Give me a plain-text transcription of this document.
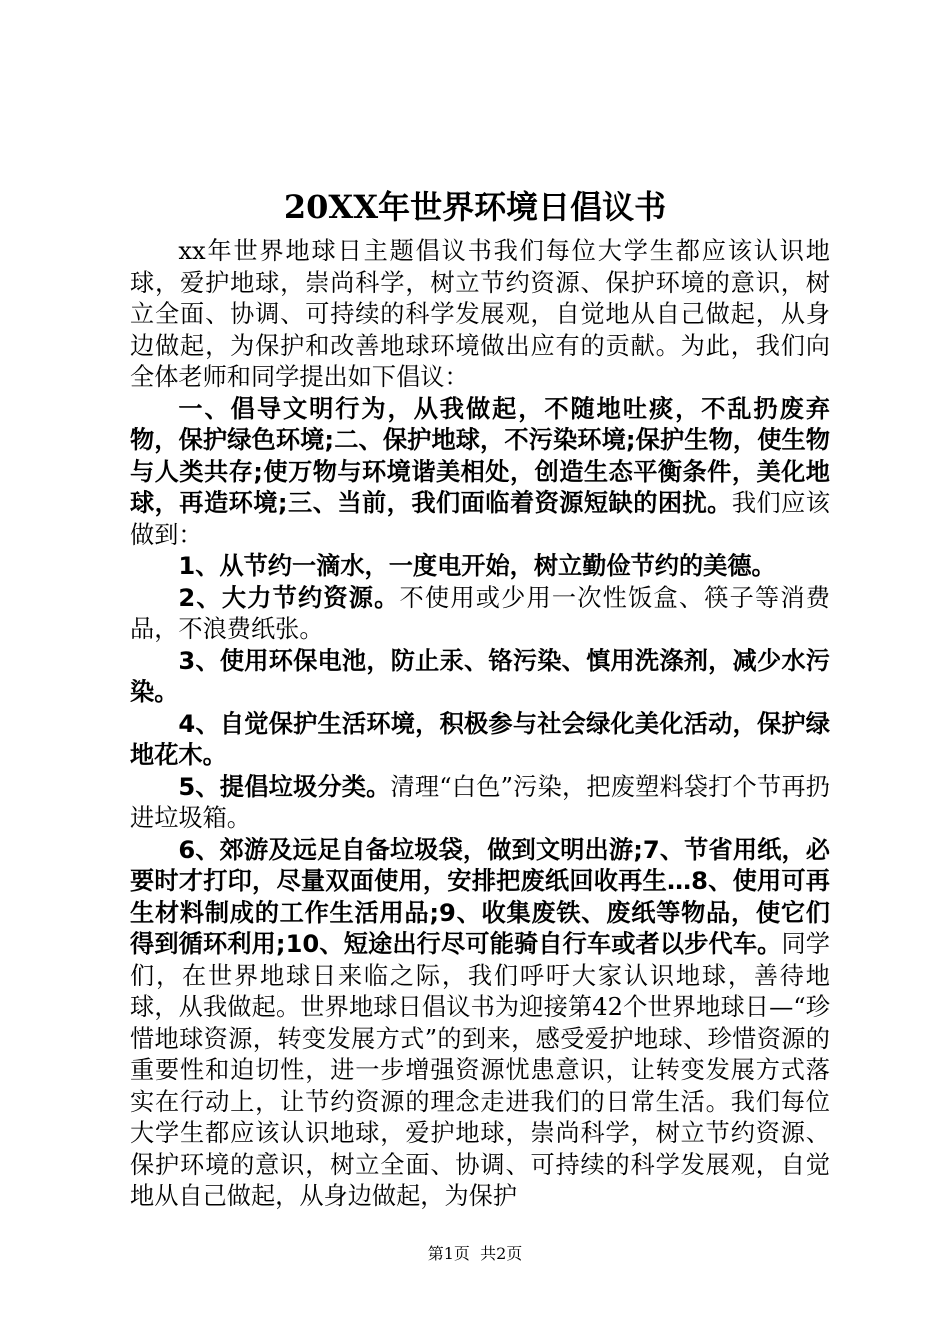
20XX年世界环境日倡议书

xx年世界地球日主题倡议书我们每位大学生都应该认识地球，爱护地球，崇尚科学，树立节约资源、保护环境的意识，树立全面、协调、可持续的科学发展观，自觉地从自己做起，从身边做起，为保护和改善地球环境做出应有的贡献。为此，我们向全体老师和同学提出如下倡议：

一、倡导文明行为，从我做起，不随地吐痰，不乱扔废弃物，保护绿色环境;二、保护地球，不污染环境;保护生物，使生物与人类共存;使万物与环境谐美相处，创造生态平衡条件，美化地球，再造环境;三、当前，我们面临着资源短缺的困扰。我们应该做到：

1、从节约一滴水，一度电开始，树立勤俭节约的美德。

2、大力节约资源。不使用或少用一次性饭盒、筷子等消费品，不浪费纸张。

3、使用环保电池，防止汞、铬污染、慎用洗涤剂，减少水污染。

4、自觉保护生活环境，积极参与社会绿化美化活动，保护绿地花木。

5、提倡垃圾分类。清理“白色”污染，把废塑料袋打个节再扔进垃圾箱。

6、郊游及远足自备垃圾袋，做到文明出游;7、节省用纸，必要时才打印，尽量双面使用，安排把废纸回收再生…8、使用可再生材料制成的工作生活用品;9、收集废铁、废纸等物品，使它们得到循环利用;10、短途出行尽可能骑自行车或者以步代车。同学们，在世界地球日来临之际，我们呼吁大家认识地球，善待地球，从我做起。世界地球日倡议书为迎接第42个世界地球日—“珍惜地球资源，转变发展方式”的到来，感受爱护地球、珍惜资源的重要性和迫切性，进一步增强资源忧患意识，让转变发展方式落实在行动上，让节约资源的理念走进我们的日常生活。我们每位大学生都应该认识地球，爱护地球，崇尚科学，树立节约资源、保护环境的意识，树立全面、协调、可持续的科学发展观，自觉地从自己做起，从身边做起，为保护

第1页 共2页
